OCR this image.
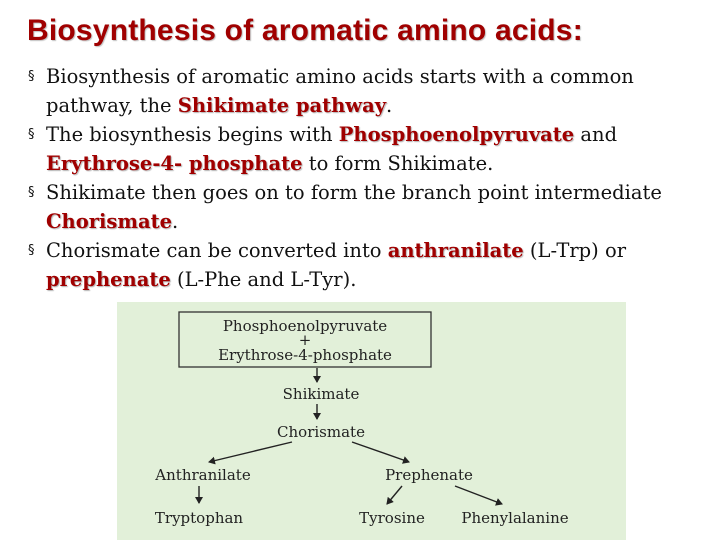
Biosynthesis of aromatic amino acids:
§ Biosynthesis of aromatic amino acids starts with a common pathway, the Shikimate pathway.
§ The biosynthesis begins with Phosphoenolpyruvate and Erythrose-4- phosphate to form Shikimate.
§ Shikimate then goes on to form the branch point intermediate Chorismate.
§ Chorismate can be converted into anthranilate (L-Trp) or prephenate (L-Phe and L-Tyr).
Phosphoenolpyruvate
+
Erythrose-4-phosphate
Shikimate
Chorismate
Anthranilate	Prephenate
Tryptophan	Tyrosine Phenylalanine
